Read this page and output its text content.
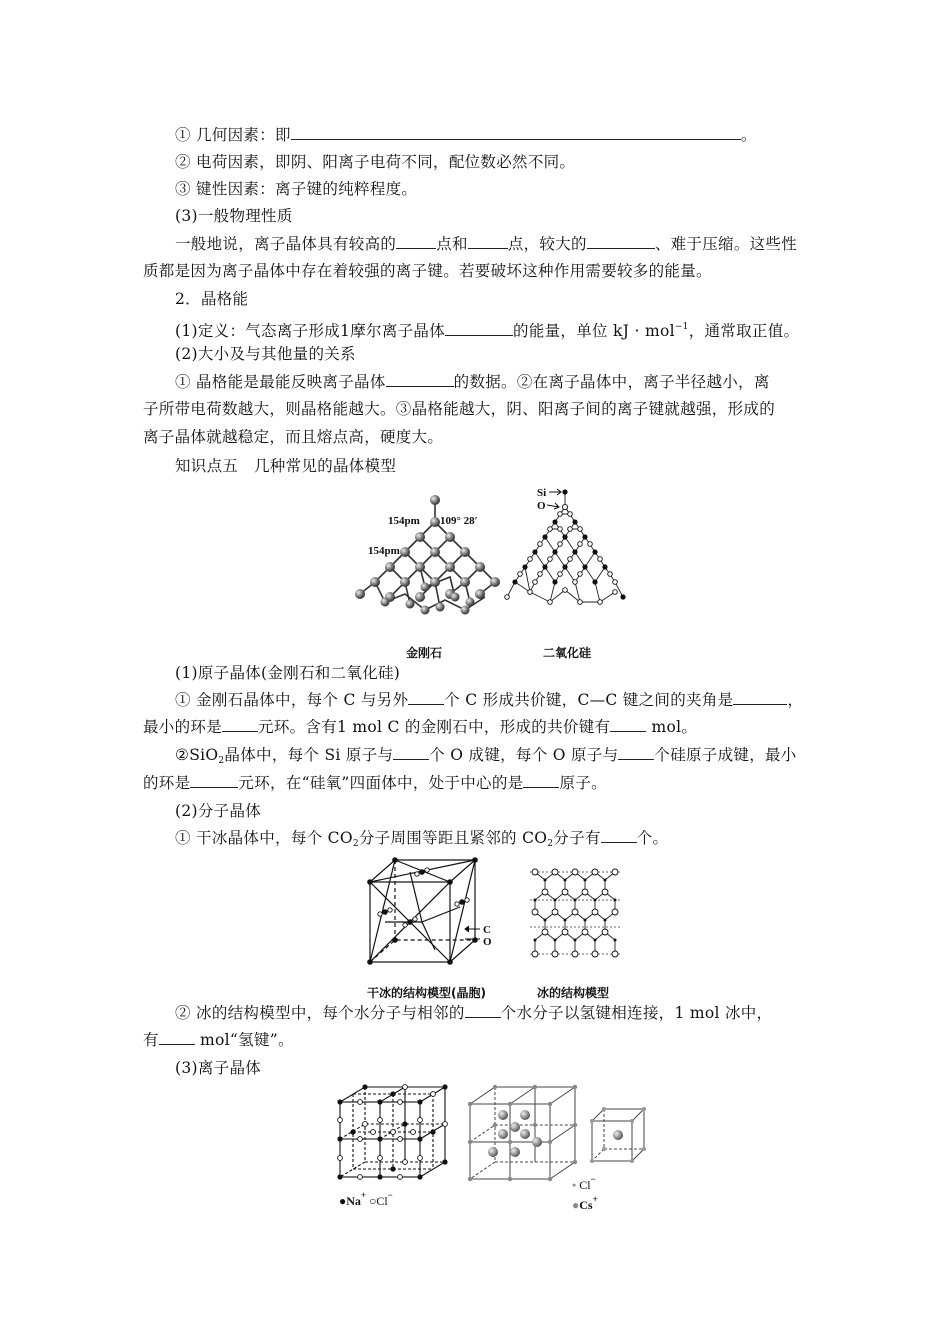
① 几何因素：即	。
② 电荷因素，即阴、阳离子电荷不同，配位数必然不同。
③ 键性因素：离子键的纯粹程度。
(3)一般物理性质
一般地说，离子晶体具有较高的	点和	点，较大的	、难于压缩。这些性
质都是因为离子晶体中存在着较强的离子键。若要破坏这种作用需要较多的能量。
2．晶格能
(1)定义：气态离子形成1摩尔离子晶体	的能量，单位 kJ · mol$^{-1}$，通常取正值。
(2)大小及与其他量的关系
① 晶格能是最能反映离子晶体	的数据。②在离子晶体中，离子半径越小，离
子所带电荷数越大，则晶格能越大。③晶格能越大，阴、阳离子间的离子键就越强，形成的
离子晶体就越稳定，而且熔点高，硬度大。
知识点五　几种常见的晶体模型
154pm 109° 28′
154pm
Si
O
金刚石	二氧化硅
(1)原子晶体(金刚石和二氧化硅)
① 金刚石晶体中，每个 C 与另外 个 C 形成共价键，C—C 键之间的夹角是	，
最小的环是 元环。含有1 mol C 的金刚石中，形成的共价键有 mol。
②SiO$_2$晶体中，每个 Si 原子与 个 O 成键，每个 O 原子与 个硅原子成键，最小
的环是	元环，在“硅氧”四面体中，处于中心的是 原子。
(2)分子晶体
① 干冰晶体中，每个 $CO_2$分子周围等距且紧邻的 $CO_2$分子有 个。
C
O
干冰的结构模型(晶胞)	冰的结构模型
② 冰的结构模型中，每个水分子与相邻的 个水分子以氢键相连接，1 mol 冰中，
有 mol“氢键”。
(3)离子晶体
●Na+ ○Cl−
• Cl−
●Cs+
